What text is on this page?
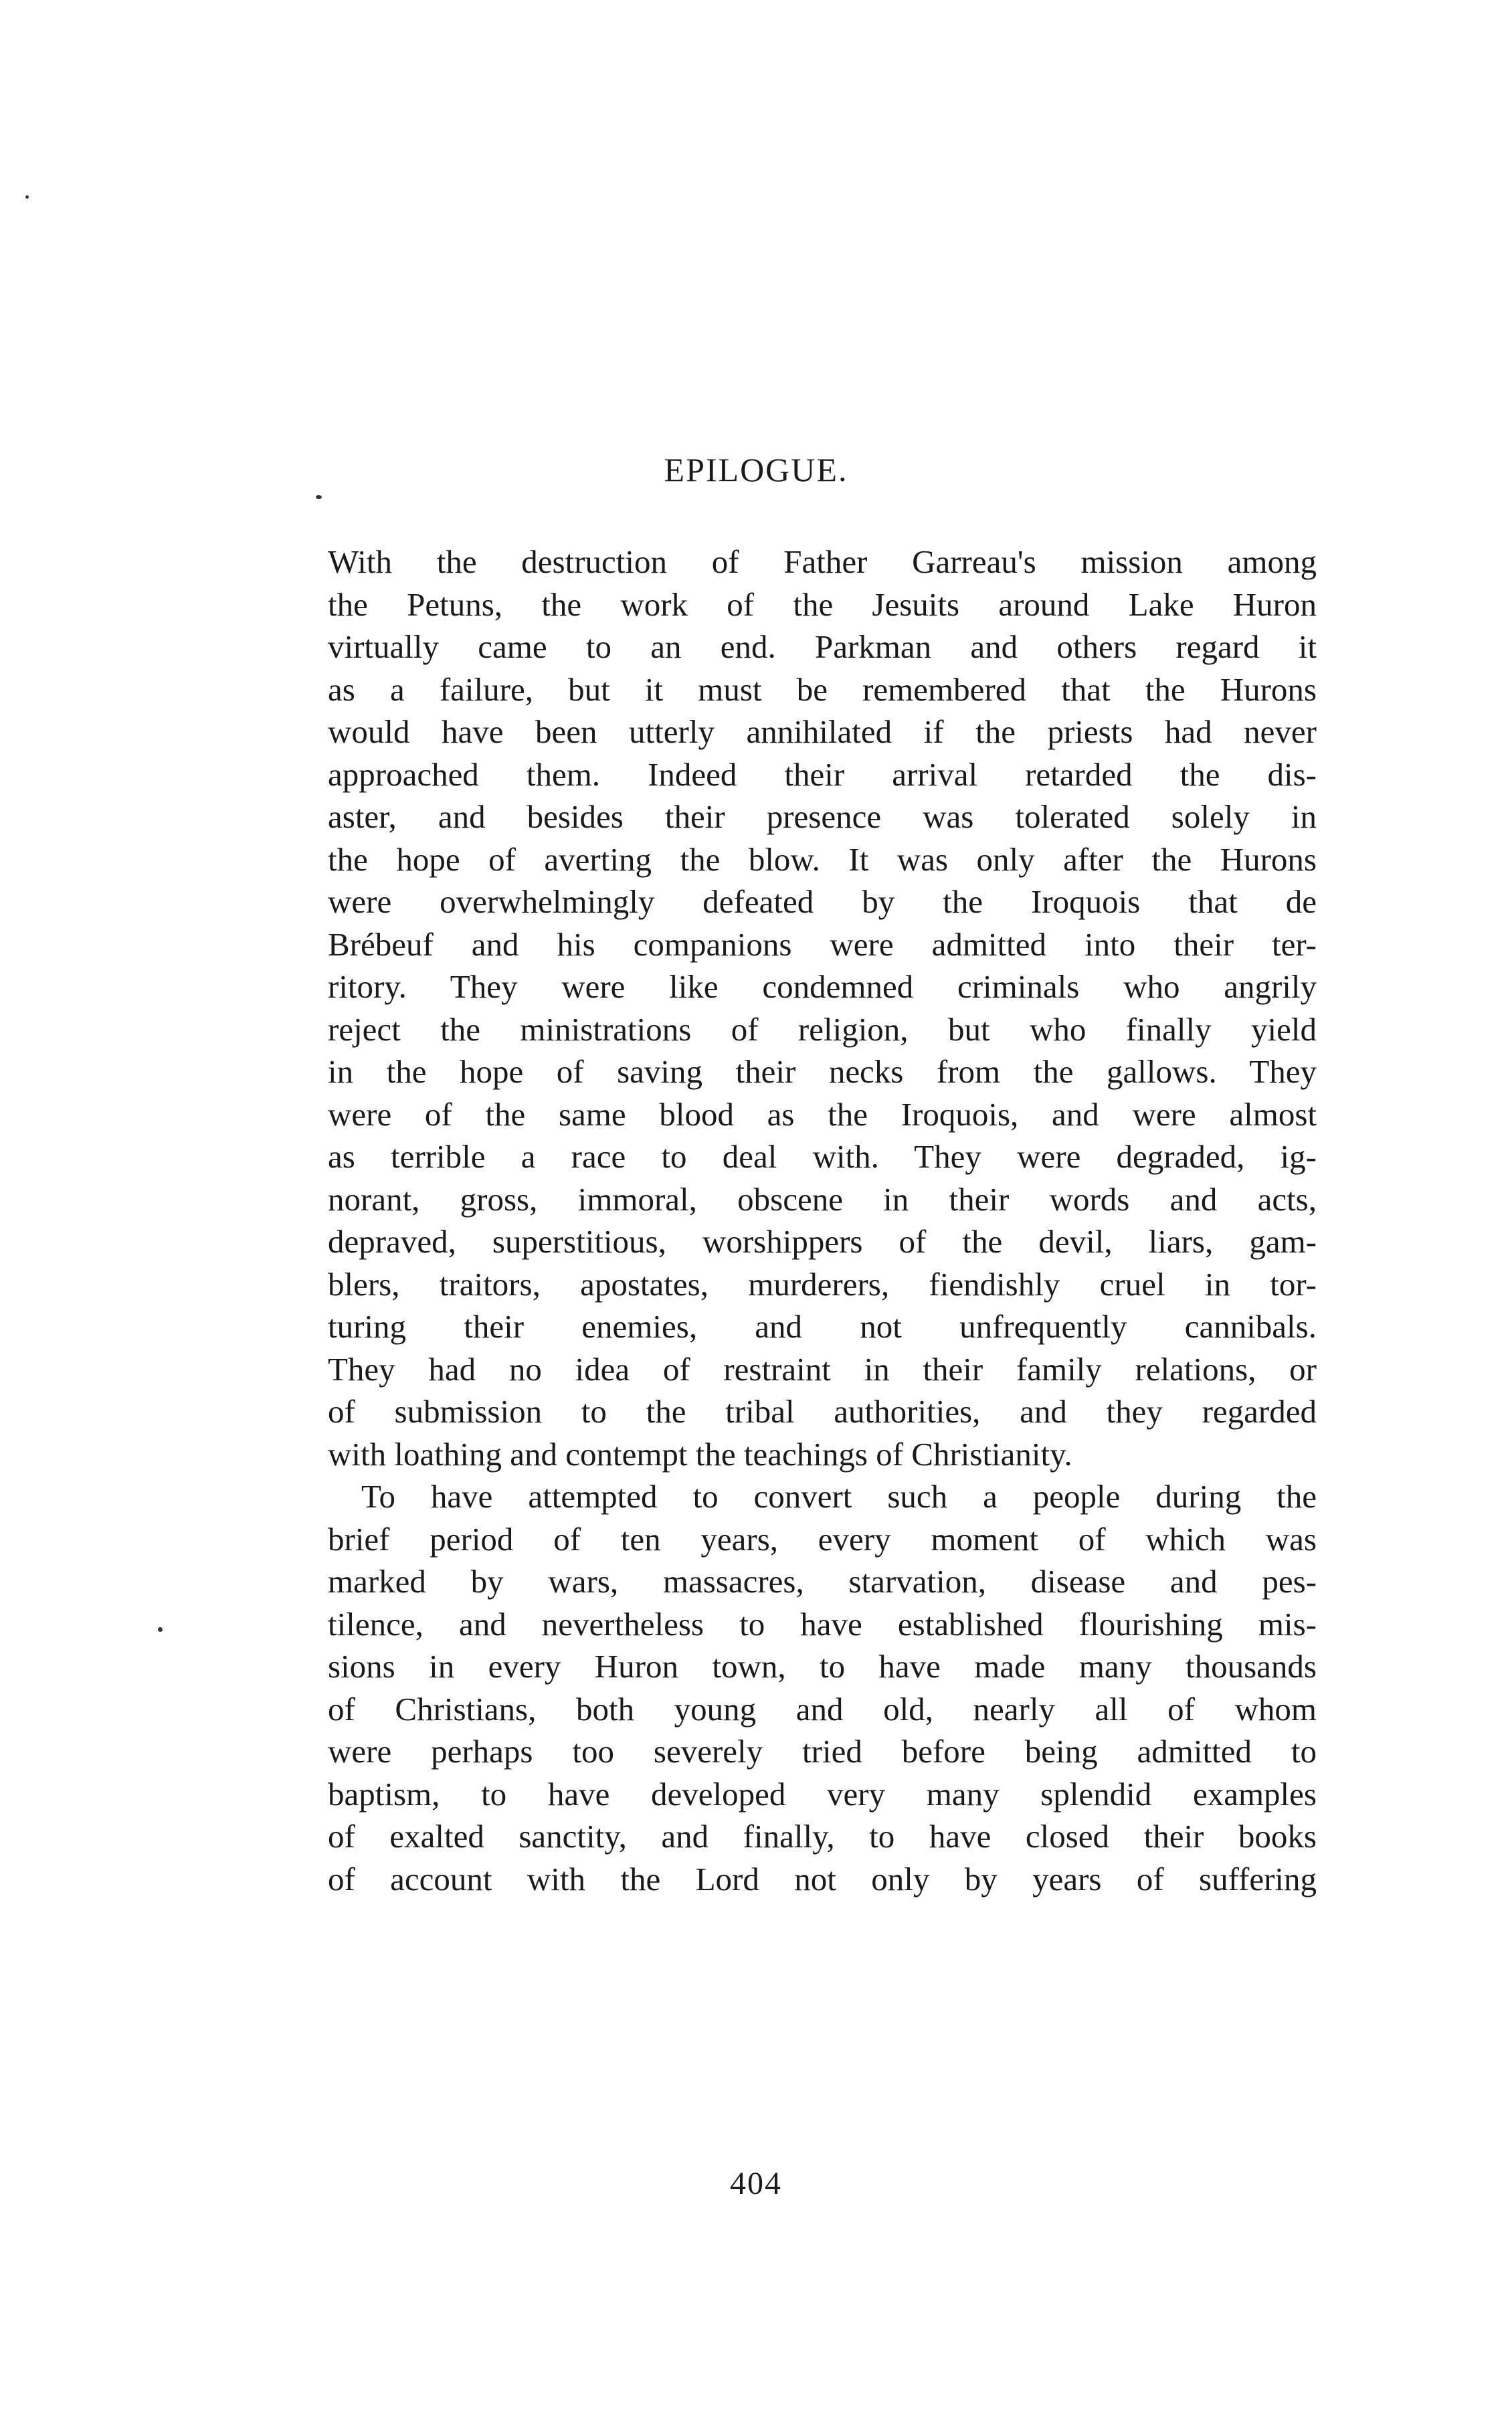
EPILOGUE.
With the destruction of Father Garreau's mission among
the Petuns, the work of the Jesuits around Lake Huron
virtually came to an end. Parkman and others regard it
as a failure, but it must be remembered that the Hurons
would have been utterly annihilated if the priests had never
approached them. Indeed their arrival retarded the dis-
aster, and besides their presence was tolerated solely in
the hope of averting the blow. It was only after the Hurons
were overwhelmingly defeated by the Iroquois that de
Brébeuf and his companions were admitted into their ter-
ritory. They were like condemned criminals who angrily
reject the ministrations of religion, but who finally yield
in the hope of saving their necks from the gallows. They
were of the same blood as the Iroquois, and were almost
as terrible a race to deal with. They were degraded, ig-
norant, gross, immoral, obscene in their words and acts,
depraved, superstitious, worshippers of the devil, liars, gam-
blers, traitors, apostates, murderers, fiendishly cruel in tor-
turing their enemies, and not unfrequently cannibals.
They had no idea of restraint in their family relations, or
of submission to the tribal authorities, and they regarded
with loathing and contempt the teachings of Christianity.
To have attempted to convert such a people during the
brief period of ten years, every moment of which was
marked by wars, massacres, starvation, disease and pes-
tilence, and nevertheless to have established flourishing mis-
sions in every Huron town, to have made many thousands
of Christians, both young and old, nearly all of whom
were perhaps too severely tried before being admitted to
baptism, to have developed very many splendid examples
of exalted sanctity, and finally, to have closed their books
of account with the Lord not only by years of suffering
404
